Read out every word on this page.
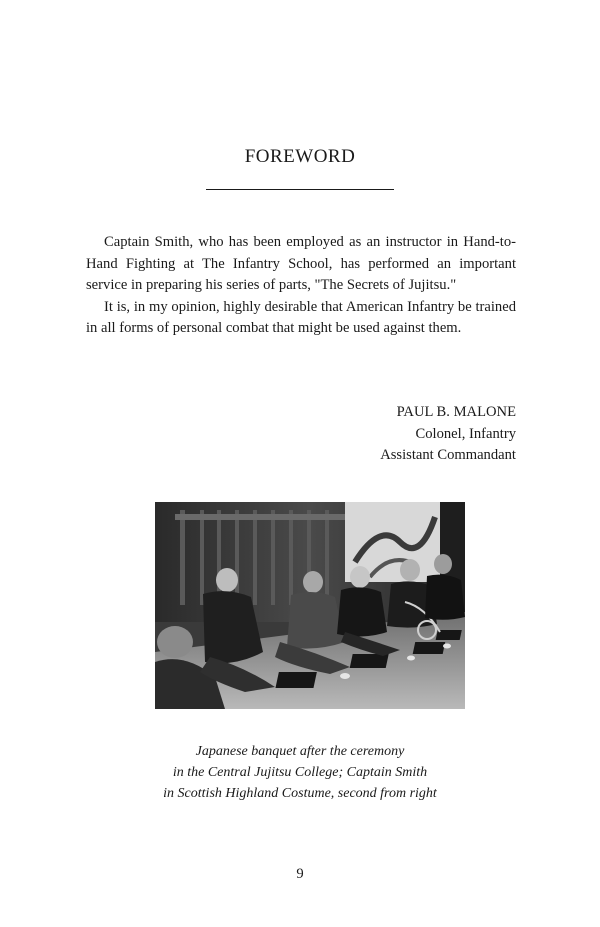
FOREWORD

Captain Smith, who has been employed as an instructor in Hand-to-Hand Fighting at The Infantry School, has performed an important service in preparing his series of parts, "The Secrets of Jujitsu."

It is, in my opinion, highly desirable that American Infantry be trained in all forms of personal combat that might be used against them.

PAUL B. MALONE
Colonel, Infantry
Assistant Commandant
Japanese banquet after the ceremony
in the Central Jujitsu College; Captain Smith
in Scottish Highland Costume, second from right
9
